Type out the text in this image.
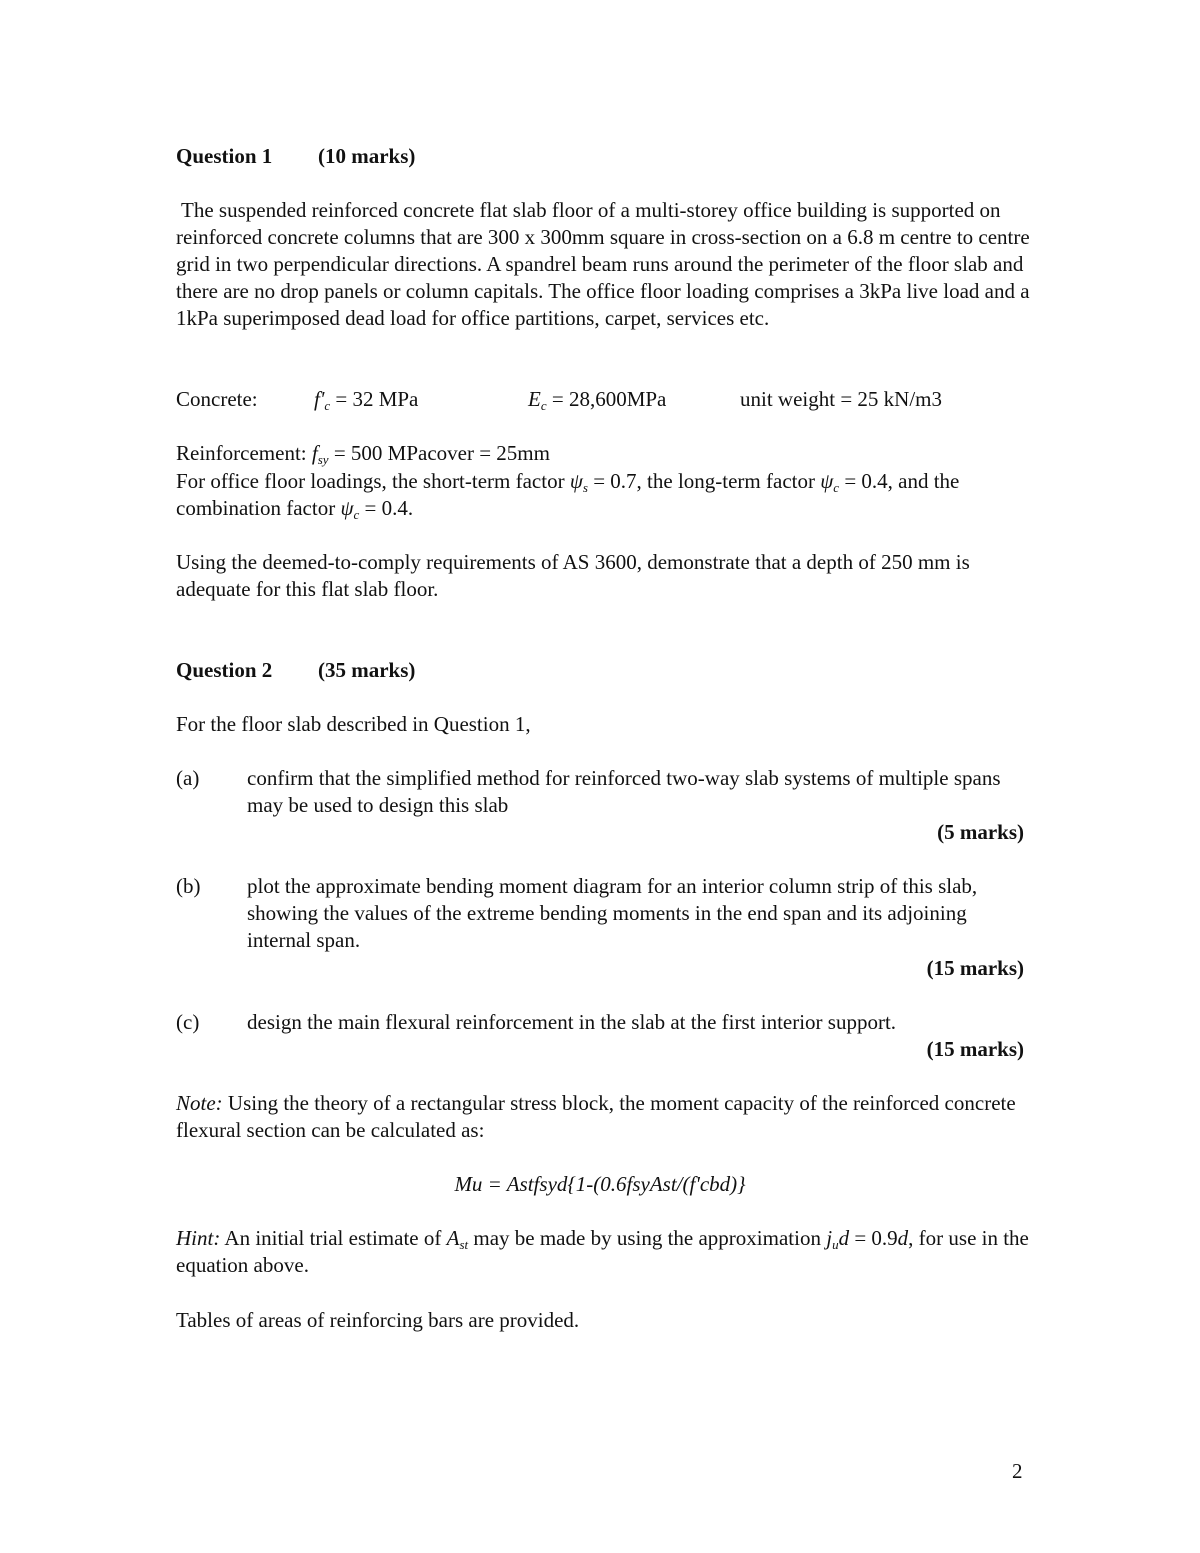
Question 1 (10 marks)

The suspended reinforced concrete flat slab floor of a multi-storey office building is supported on reinforced concrete columns that are 300 x 300mm square in cross-section on a 6.8 m centre to centre grid in two perpendicular directions. A spandrel beam runs around the perimeter of the floor slab and there are no drop panels or column capitals. The office floor loading comprises a 3kPa live load and a 1kPa superimposed dead load for office partitions, carpet, services etc.

Concrete:	$f'_c = 32$ MPa	$E_c = 28,600MPa$	unit weight = 25 kN/m3
Reinforcement: $f_{sy} = 500$ MPacover = 25mm

For office floor loadings, the short-term factor $\psi_s = 0.7$, the long-term factor $\psi_c = 0.4$, and the combination factor $\psi_c = 0.4$.

Using the deemed-to-comply requirements of AS 3600, demonstrate that a depth of 250 mm is adequate for this flat slab floor.

Question 2 (35 marks)

For the floor slab described in Question 1,

(a) confirm that the simplified method for reinforced two-way slab systems of multiple spans may be used to design this slab
(5 marks)
(b) plot the approximate bending moment diagram for an interior column strip of this slab, showing the values of the extreme bending moments in the end span and its adjoining internal span.
(15 marks)
(c) design the main flexural reinforcement in the slab at the first interior support.
(15 marks)

Note: Using the theory of a rectangular stress block, the moment capacity of the reinforced concrete flexural section can be calculated as:

Mu = Astfsyd{1-(0.6fsyAst/(f'cbd)}

Hint: An initial trial estimate of $A_{st}$ may be made by using the approximation $j_ud = 0.9d$, for use in the equation above.

Tables of areas of reinforcing bars are provided.

2
